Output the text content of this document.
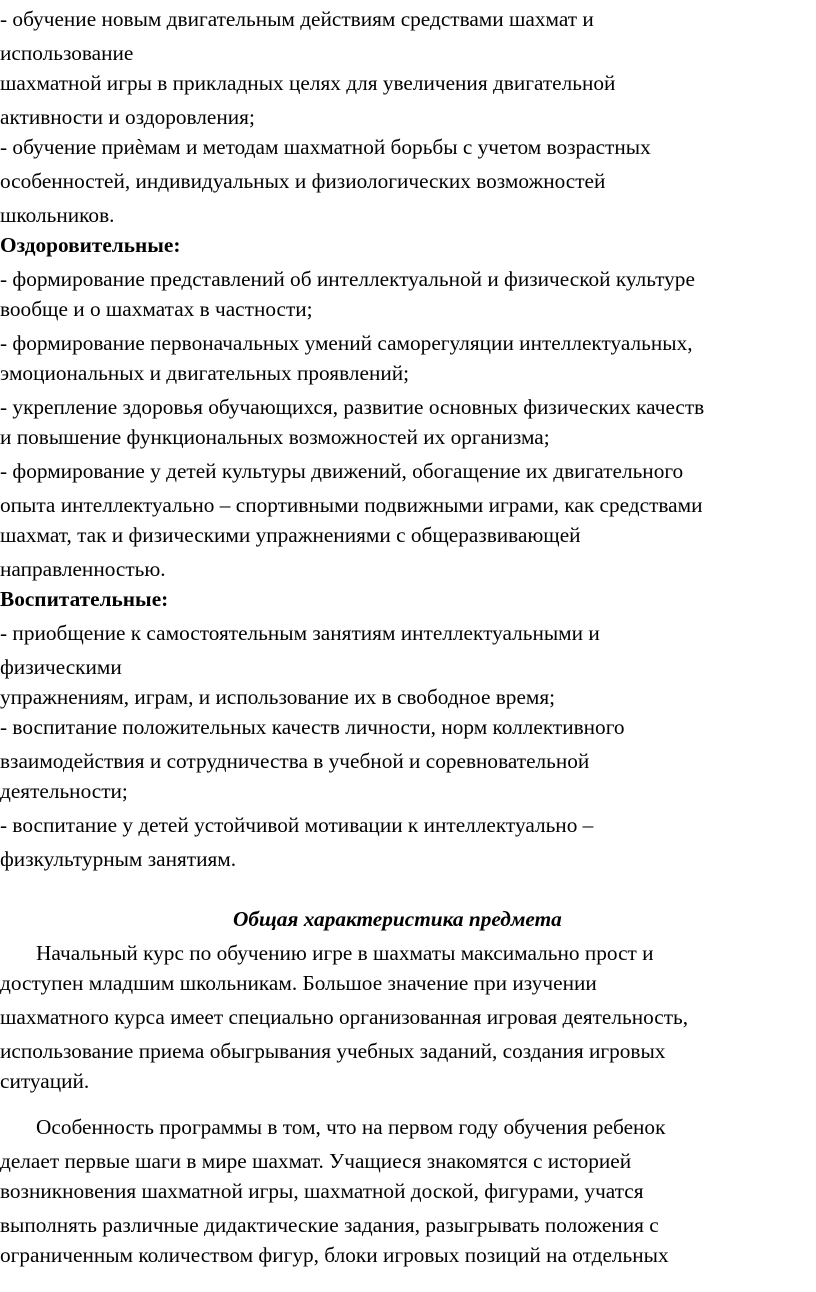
- обучение новым двигательным действиям средствами шахмат и
использование
шахматной игры в прикладных целях для увеличения двигательной
активности и оздоровления;
- обучение приѐмам и методам шахматной борьбы с учетом возрастных
особенностей, индивидуальных и физиологических возможностей
школьников.
Оздоровительные:
- формирование представлений об интеллектуальной и физической культуре
вообще и о шахматах в частности;
- формирование первоначальных умений саморегуляции интеллектуальных,
эмоциональных и двигательных проявлений;
- укрепление здоровья обучающихся, развитие основных физических качеств
и повышение функциональных возможностей их организма;
- формирование у детей культуры движений, обогащение их двигательного
опыта интеллектуально – спортивными подвижными играми, как средствами
шахмат, так и физическими упражнениями с общеразвивающей
направленностью.
Воспитательные:
- приобщение к самостоятельным занятиям интеллектуальными и
физическими
упражнениям, играм, и использование их в свободное время;
- воспитание положительных качеств личности, норм коллективного
взаимодействия и сотрудничества в учебной и соревновательной
деятельности;
- воспитание у детей устойчивой мотивации к интеллектуально –
физкультурным занятиям.
Общая характеристика предмета
Начальный курс по обучению игре в шахматы максимально прост и
доступен младшим школьникам. Большое значение при изучении
шахматного курса имеет специально организованная игровая деятельность,
использование приема обыгрывания учебных заданий, создания игровых
ситуаций.
Особенность программы в том, что на первом году обучения ребенок
делает первые шаги в мире шахмат. Учащиеся знакомятся с историей
возникновения шахматной игры, шахматной доской, фигурами, учатся
выполнять различные дидактические задания, разыгрывать положения с
ограниченным количеством фигур, блоки игровых позиций на отдельных
